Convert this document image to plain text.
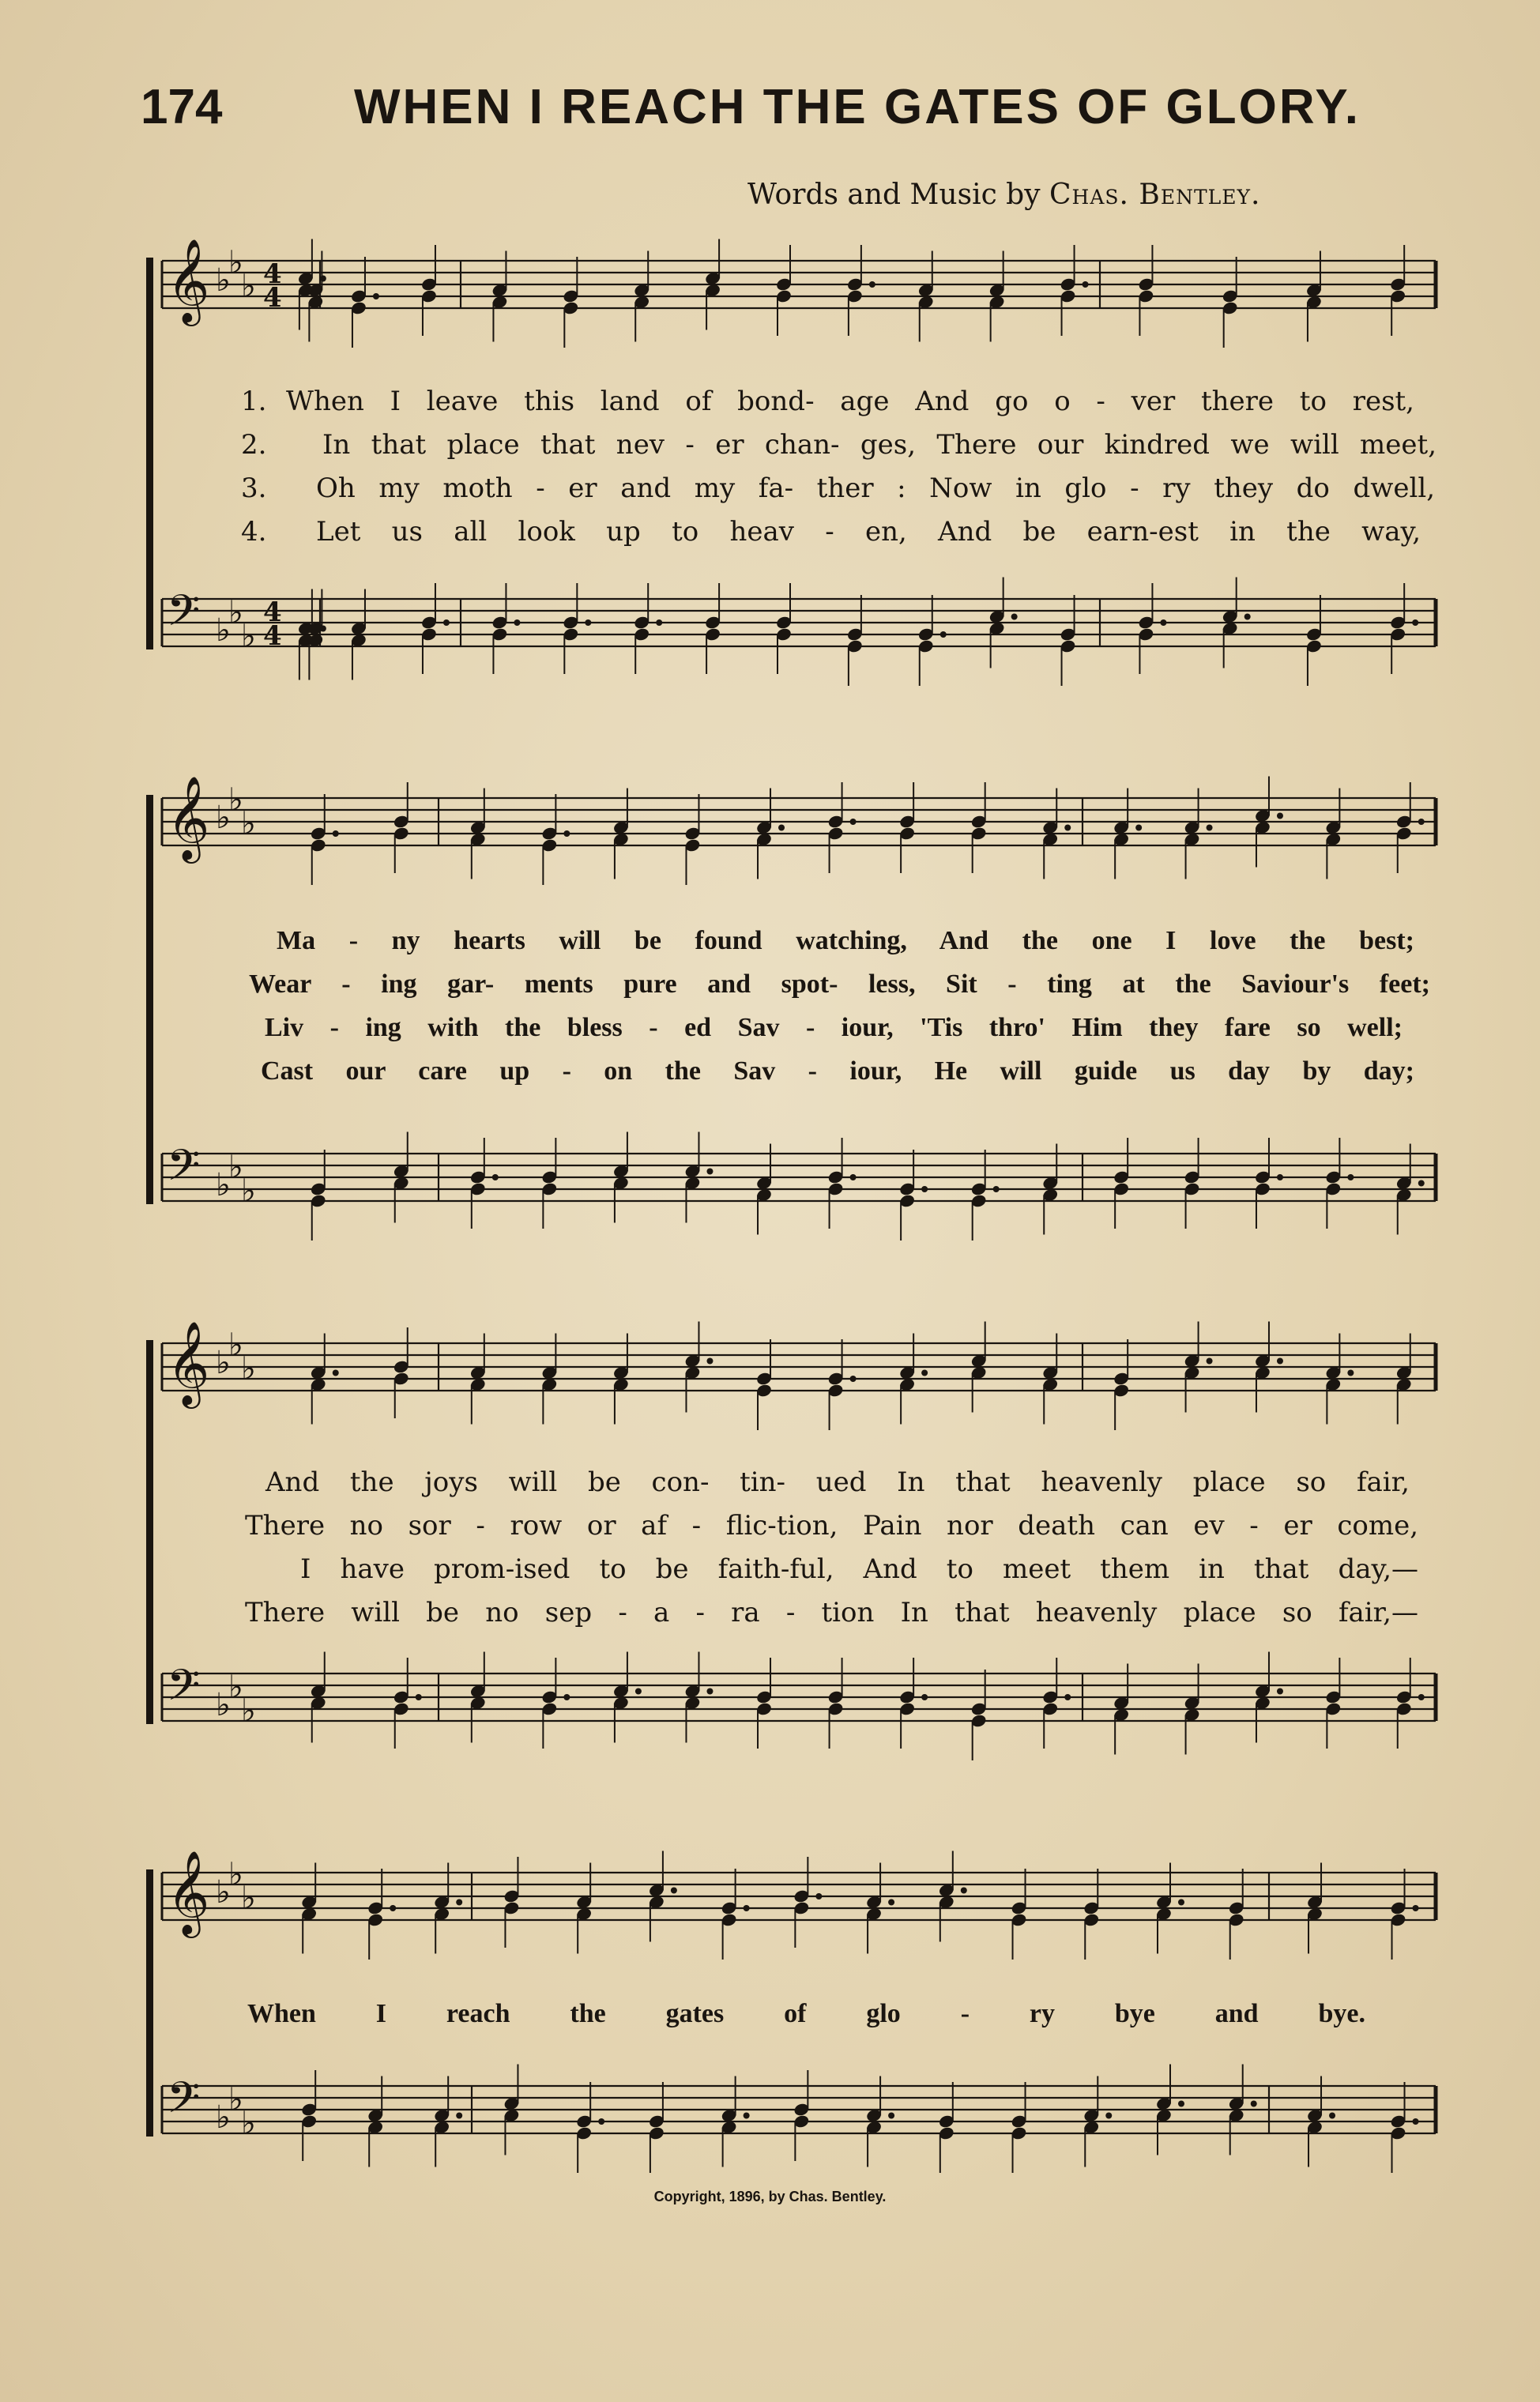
174	WHEN I REACH THE GATES OF GLORY.
Words and Music by Chas. Bentley.
𝄞 ♭
♭
♭ 4
4
𝄢 ♭
♭
♭
4
4
1. When I leave this land of bond- age And go o - ver there to rest,
2. In that place that nev - er chan- ges, There our kindred we will meet,
3. Oh my moth - er and my fa- ther : Now in glo - ry they do dwell,
4. Let us all look up to heav - en, And be earn-est in the way,
𝄞 ♭
♭
♭
𝄢 ♭
♭
♭
Ma - ny hearts will be found watching, And the one I love the best;
Wear - ing gar- ments pure and spot- less, Sit - ting at the Saviour's feet;
Liv - ing with the bless - ed Sav - iour, 'Tis thro' Him they fare so well;
Cast our care up - on the Sav - iour, He will guide us day by day;
𝄞 ♭
♭
♭
𝄢 ♭
♭
♭
And the joys will be con- tin- ued In that heavenly place so fair,
There no sor - row or af - flic-tion, Pain nor death can ev - er come,
I have prom-ised to be faith-ful, And to meet them in that day,—
There will be no sep - a - ra - tion In that heavenly place so fair,—
𝄞 ♭
♭
♭
𝄢 ♭
♭
♭
When I reach the gates of glo - ry bye and bye.
Copyright, 1896, by Chas. Bentley.
